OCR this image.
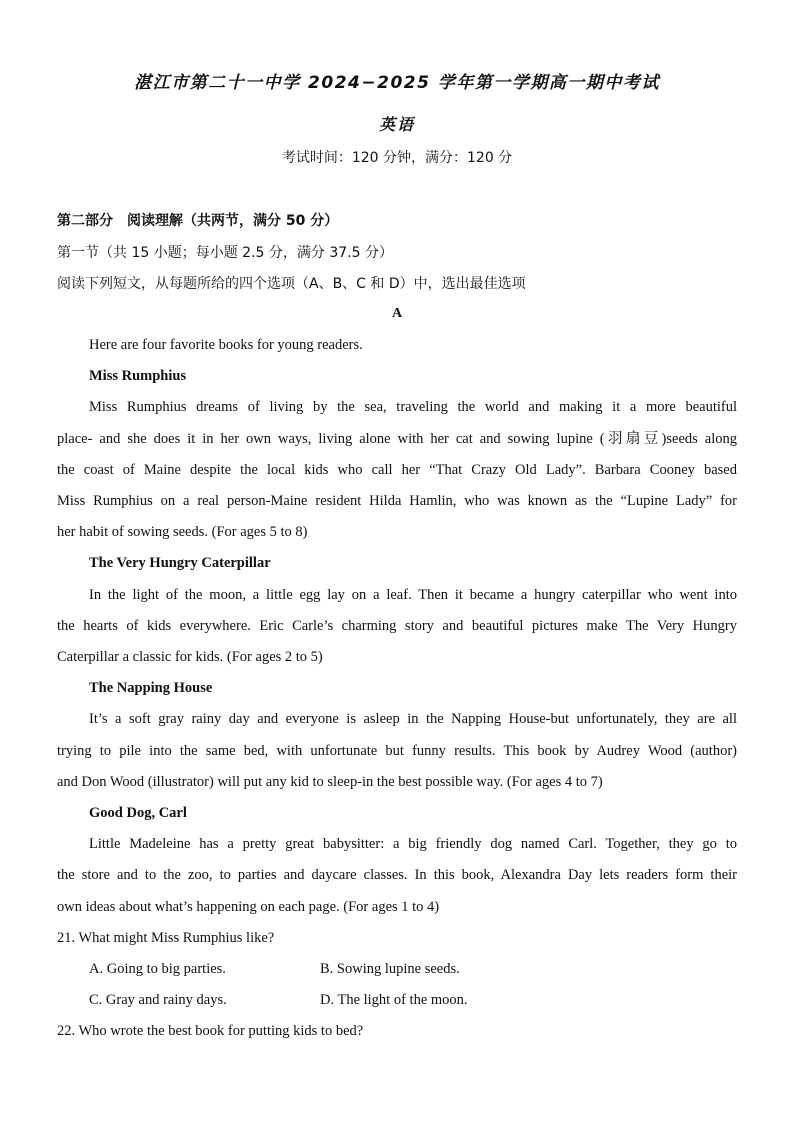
湛江市第二十一中学 2024−2025 学年第一学期高一期中考试
英语
考试时间：120 分钟，满分：120 分
第二部分　阅读理解（共两节，满分 50 分）
第一节（共 15 小题；每小题 2.5 分，满分 37.5 分）
阅读下列短文，从每题所给的四个选项（A、B、C 和 D）中，选出最佳选项
A
Here are four favorite books for young readers.
Miss Rumphius
Miss Rumphius dreams of living by the sea, traveling the world and making it a more beautiful
place- and she does it in her own ways, living alone with her cat and sowing lupine (羽扇豆)seeds along
the coast of Maine despite the local kids who call her “That Crazy Old Lady”. Barbara Cooney based
Miss Rumphius on a real person-Maine resident Hilda Hamlin, who was known as the “Lupine Lady” for
her habit of sowing seeds. (For ages 5 to 8)
The Very Hungry Caterpillar
In the light of the moon, a little egg lay on a leaf. Then it became a hungry caterpillar who went into
the hearts of kids everywhere. Eric Carle’s charming story and beautiful pictures make The Very Hungry
Caterpillar a classic for kids. (For ages 2 to 5)
The Napping House
It’s a soft gray rainy day and everyone is asleep in the Napping House-but unfortunately, they are all
trying to pile into the same bed, with unfortunate but funny results. This book by Audrey Wood (author)
and Don Wood (illustrator) will put any kid to sleep-in the best possible way. (For ages 4 to 7)
Good Dog, Carl
Little Madeleine has a pretty great babysitter: a big friendly dog named Carl. Together, they go to
the store and to the zoo, to parties and daycare classes. In this book, Alexandra Day lets readers form their
own ideas about what’s happening on each page. (For ages 1 to 4)
21. What might Miss Rumphius like?
A. Going to big parties.	B. Sowing lupine seeds.
C. Gray and rainy days.	D. The light of the moon.
22. Who wrote the best book for putting kids to bed?
